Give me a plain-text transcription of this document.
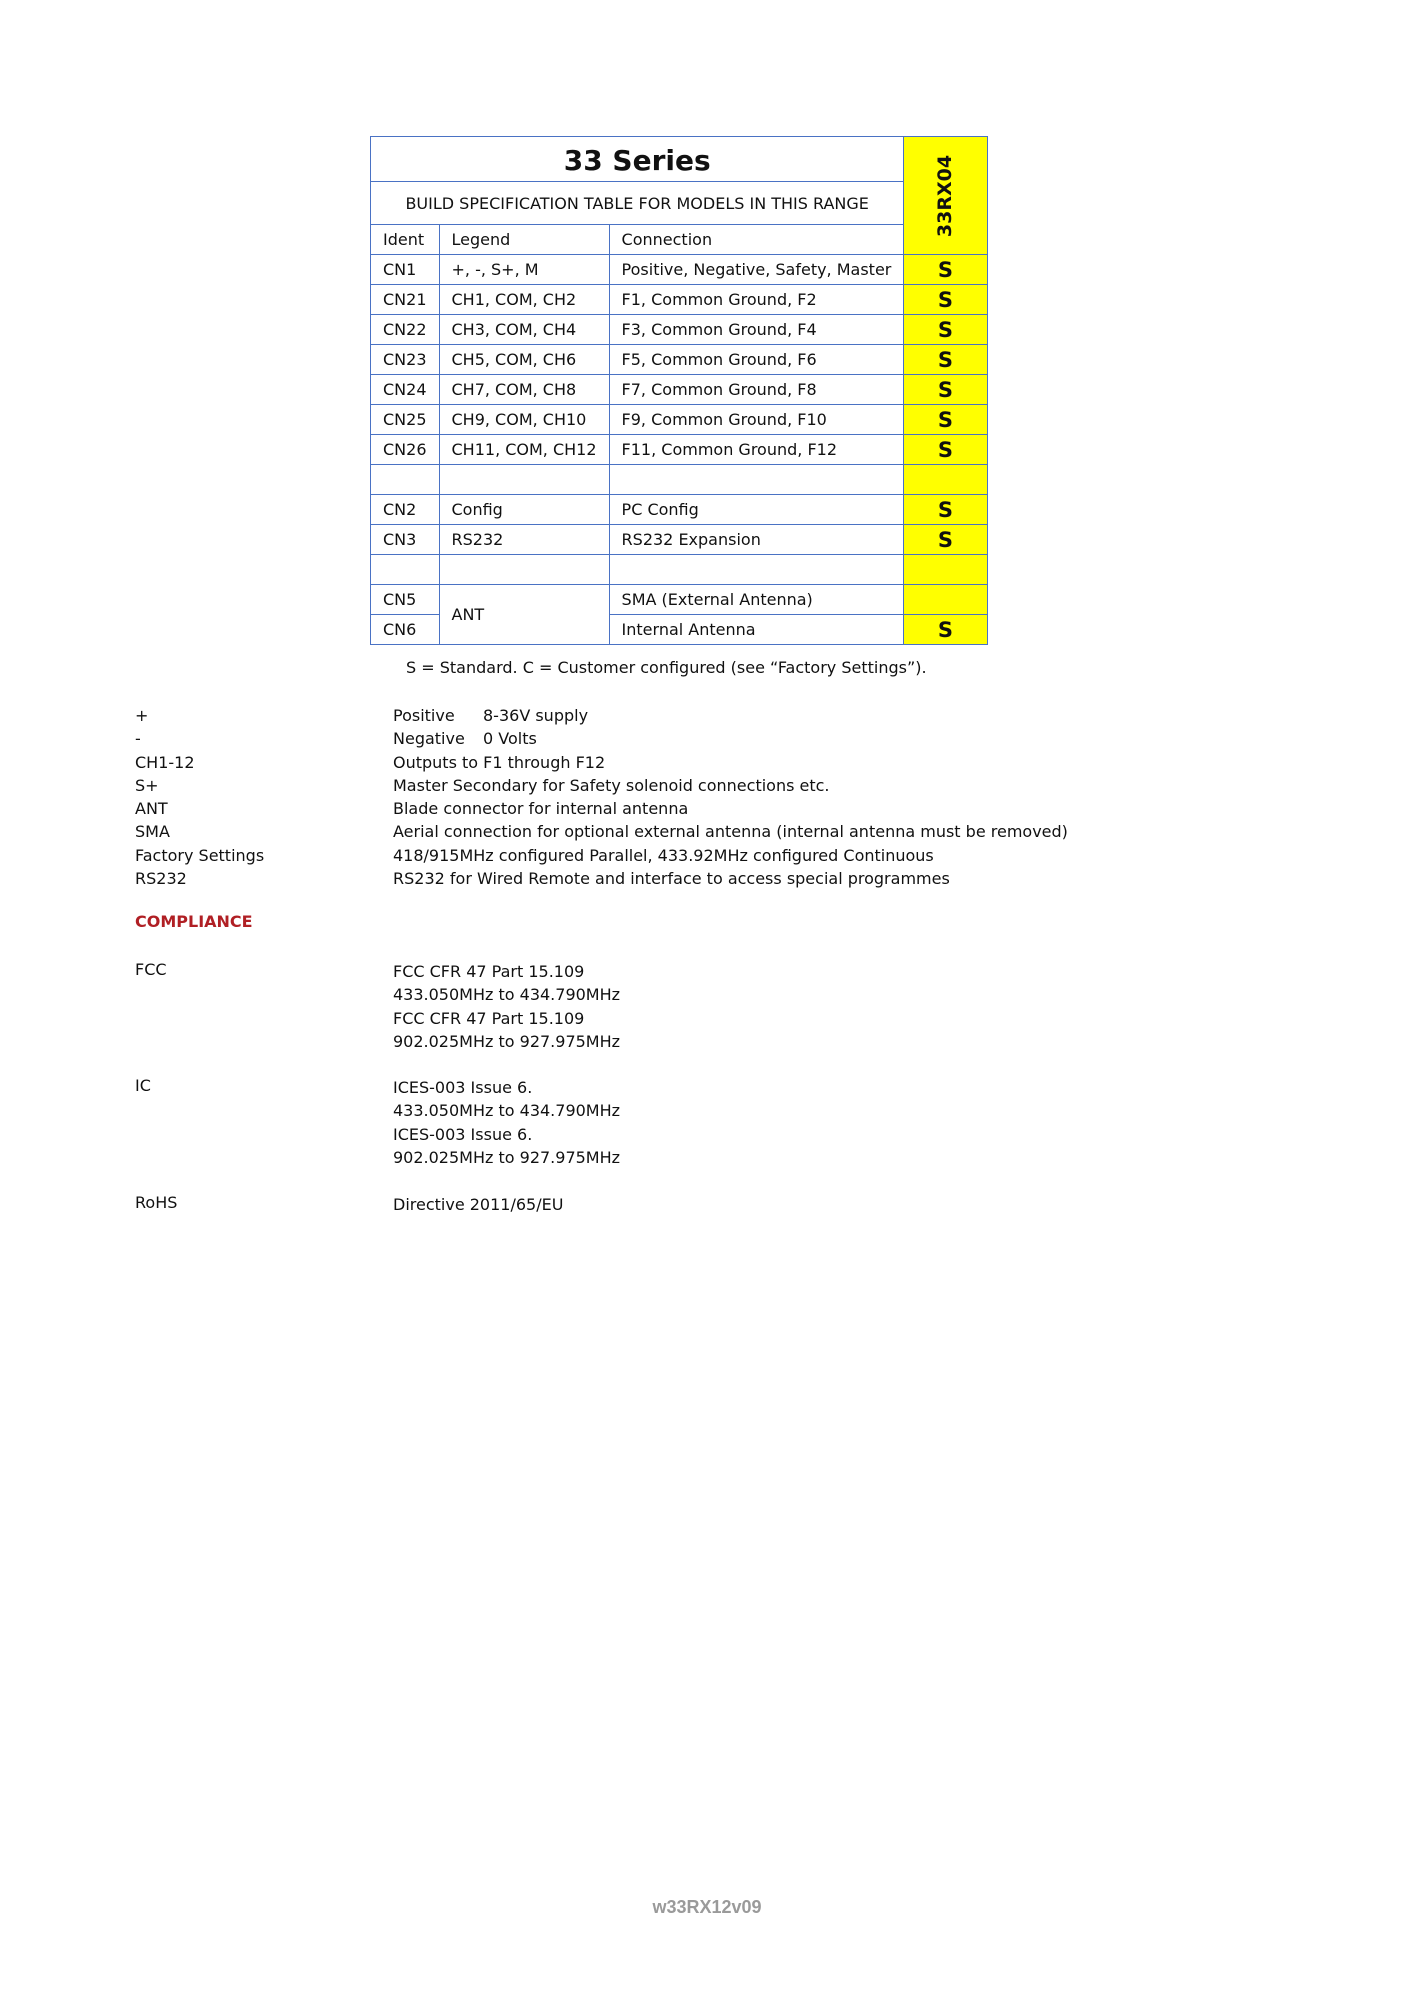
33 Series			33RX04
BUILD SPECIFICATION TABLE FOR MODELS IN THIS RANGE			
Ident	Legend	Connection	
CN1	+, -, S+, M	Positive, Negative, Safety, Master	S
CN21	CH1, COM, CH2	F1, Common Ground, F2	S
CN22	CH3, COM, CH4	F3, Common Ground, F4	S
CN23	CH5, COM, CH6	F5, Common Ground, F6	S
CN24	CH7, COM, CH8	F7, Common Ground, F8	S
CN25	CH9, COM, CH10	F9, Common Ground, F10	S
CN26	CH11, COM, CH12	F11, Common Ground, F12	S

CN2	Config	PC Config	S
CN3	RS232	RS232 Expansion	S

CN5	ANT	SMA (External Antenna)	
CN6		Internal Antenna	S
S = Standard. C = Customer configured (see “Factory Settings”).
+	Positive 8-36V supply
-	Negative 0 Volts
CH1-12	Outputs to F1 through F12
S+	Master Secondary for Safety solenoid connections etc.
ANT	Blade connector for internal antenna
SMA	Aerial connection for optional external antenna (internal antenna must be removed)
Factory Settings	418/915MHz configured Parallel, 433.92MHz configured Continuous
RS232	RS232 for Wired Remote and interface to access special programmes
COMPLIANCE
FCC	FCC CFR 47 Part 15.109
433.050MHz to 434.790MHz
FCC CFR 47 Part 15.109
902.025MHz to 927.975MHz
IC	ICES-003 Issue 6.
433.050MHz to 434.790MHz
ICES-003 Issue 6.
902.025MHz to 927.975MHz
RoHS	Directive 2011/65/EU
w33RX12v09
